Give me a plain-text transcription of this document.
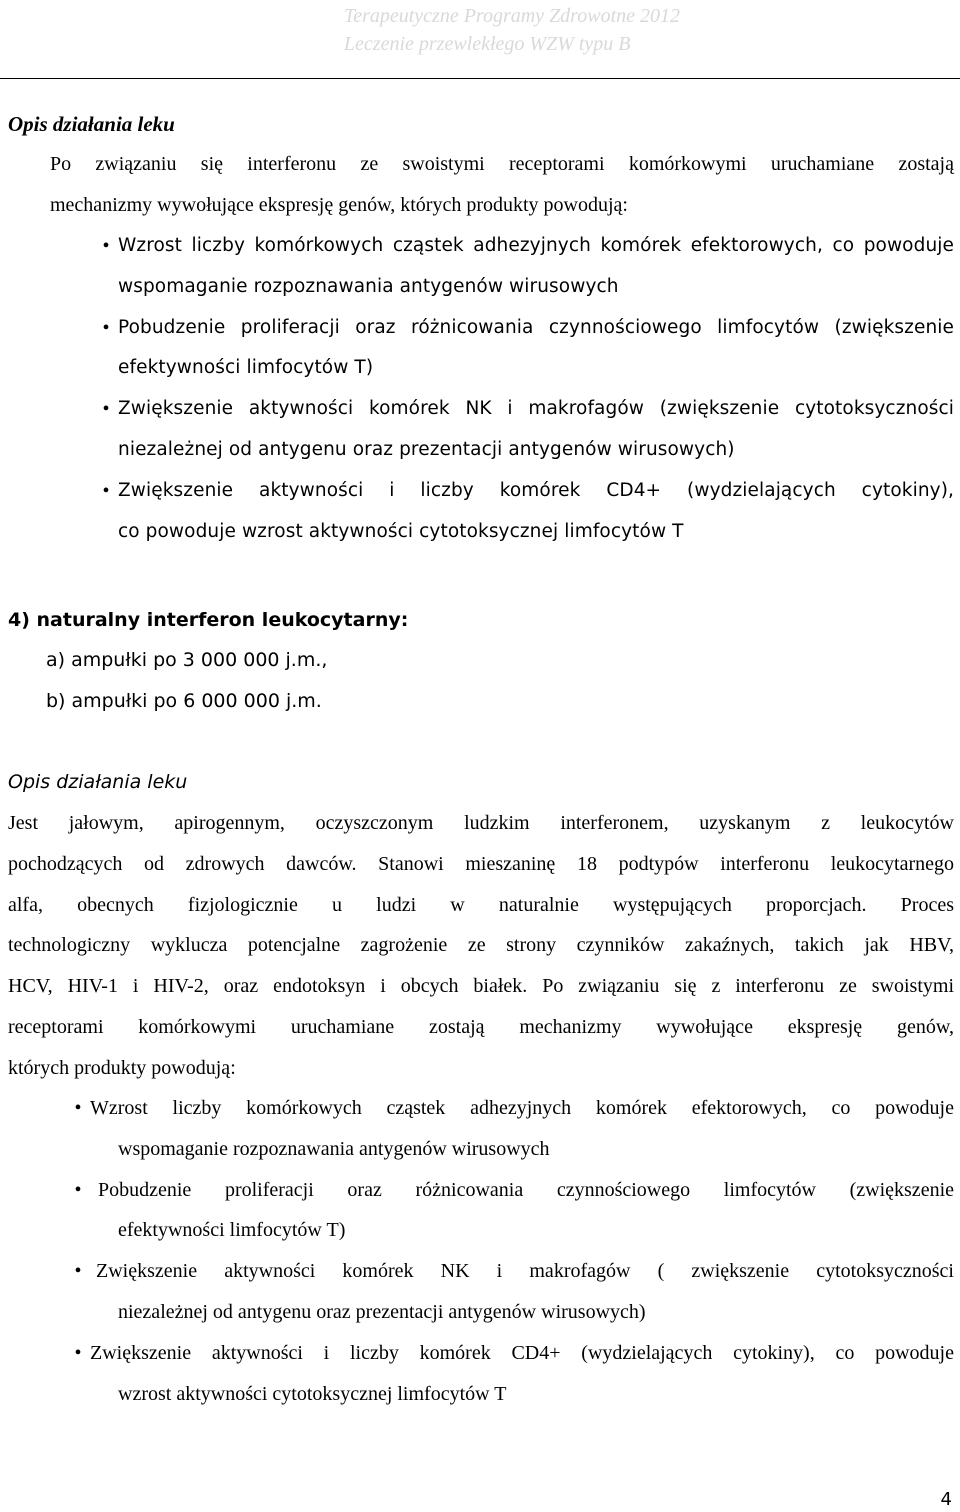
Terapeutyczne Programy Zdrowotne 2012
Leczenie przewlekłego WZW typu B
Opis działania leku
Po związaniu się interferonu ze swoistymi receptorami komórkowymi uruchamiane zostają
mechanizmy wywołujące ekspresję genów, których produkty powodują:
• Wzrost liczby komórkowych cząstek adhezyjnych komórek efektorowych, co powoduje
wspomaganie rozpoznawania antygenów wirusowych
• Pobudzenie proliferacji oraz różnicowania czynnościowego limfocytów (zwiększenie
efektywności limfocytów T)
• Zwiększenie aktywności komórek NK i makrofagów (zwiększenie cytotoksyczności
niezależnej od antygenu oraz prezentacji antygenów wirusowych)
• Zwiększenie aktywności i liczby komórek CD4+ (wydzielających cytokiny),
co powoduje wzrost aktywności cytotoksycznej limfocytów T
4) naturalny interferon leukocytarny:
a) ampułki po 3 000 000 j.m.,
b) ampułki po 6 000 000 j.m.
Opis działania leku
Jest jałowym, apirogennym, oczyszczonym ludzkim interferonem, uzyskanym z leukocytów
pochodzących od zdrowych dawców. Stanowi mieszaninę 18 podtypów interferonu leukocytarnego
alfa, obecnych fizjologicznie u ludzi w naturalnie występujących proporcjach. Proces
technologiczny wyklucza potencjalne zagrożenie ze strony czynników zakaźnych, takich jak HBV,
HCV, HIV-1 i HIV-2, oraz endotoksyn i obcych białek. Po związaniu się z interferonu ze swoistymi
receptorami komórkowymi uruchamiane zostają mechanizmy wywołujące ekspresję genów,
których produkty powodują:
• Wzrost liczby komórkowych cząstek adhezyjnych komórek efektorowych, co powoduje
wspomaganie rozpoznawania antygenów wirusowych
• Pobudzenie proliferacji oraz różnicowania czynnościowego limfocytów (zwiększenie
efektywności limfocytów T)
• Zwiększenie aktywności komórek NK i makrofagów ( zwiększenie cytotoksyczności
niezależnej od antygenu oraz prezentacji antygenów wirusowych)
• Zwiększenie aktywności i liczby komórek CD4+ (wydzielających cytokiny), co powoduje
wzrost aktywności cytotoksycznej limfocytów T
4
